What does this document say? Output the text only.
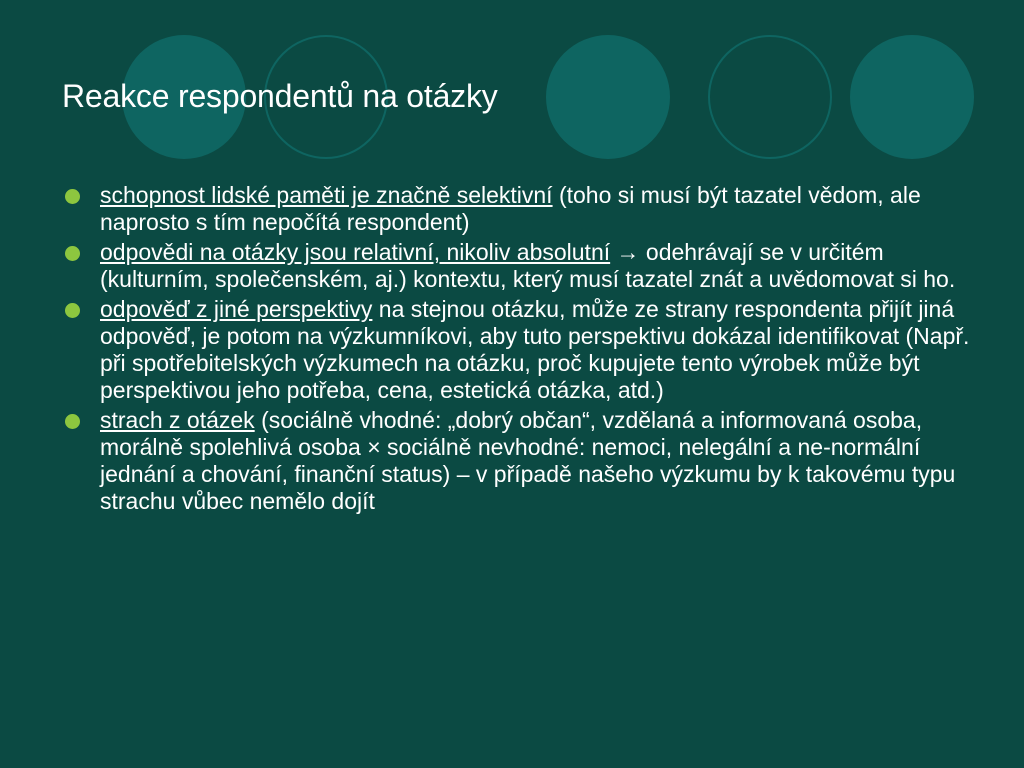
Reakce respondentů na otázky
schopnost lidské paměti je značně selektivní (toho si musí být tazatel vědom, ale naprosto s tím nepočítá respondent)
odpovědi na otázky jsou relativní, nikoliv absolutní → odehrávají se v určitém (kulturním, společenském, aj.) kontextu, který musí tazatel znát a uvědomovat si ho.
odpověď z jiné perspektivy na stejnou otázku, může ze strany respondenta přijít jiná odpověď, je potom na výzkumníkovi, aby tuto perspektivu dokázal identifikovat (Např. při spotřebitelských výzkumech na otázku, proč kupujete tento výrobek může být perspektivou jeho potřeba, cena, estetická otázka, atd.)
strach z otázek (sociálně vhodné: „dobrý občan“, vzdělaná a informovaná osoba, morálně spolehlivá osoba × sociálně nevhodné: nemoci, nelegální a ne-normální jednání a chování, finanční status) – v případě našeho výzkumu by k takovému typu strachu vůbec nemělo dojít
